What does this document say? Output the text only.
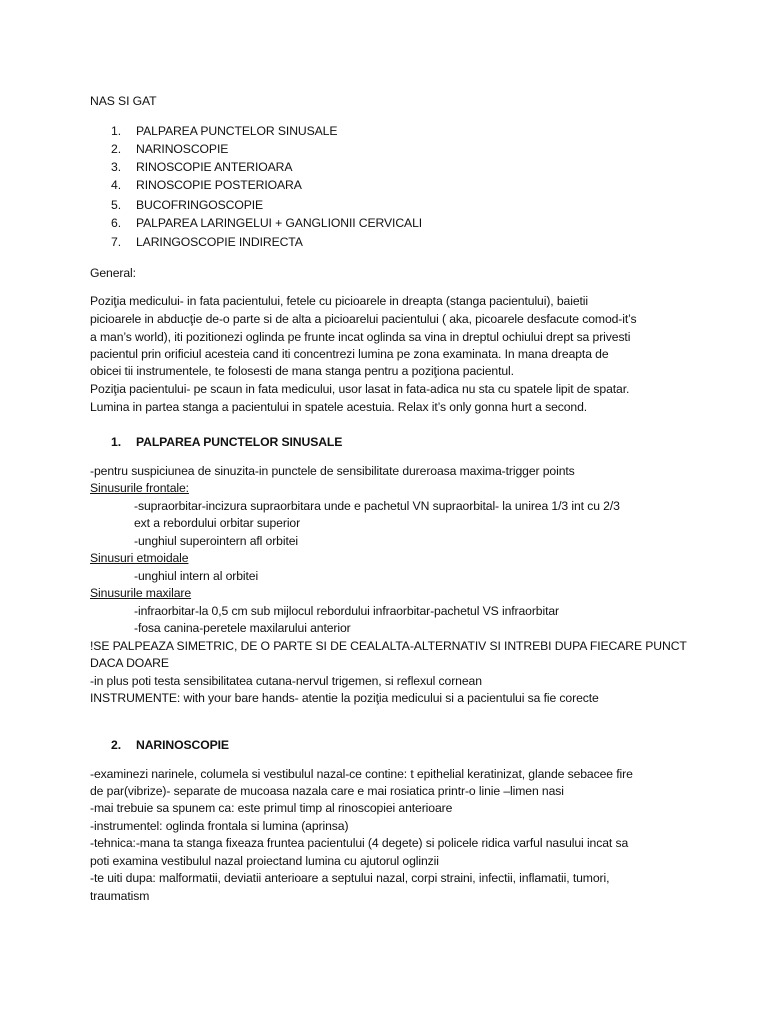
NAS SI GAT
1. PALPAREA PUNCTELOR SINUSALE
2. NARINOSCOPIE
3. RINOSCOPIE ANTERIOARA
4. RINOSCOPIE POSTERIOARA
5. BUCOFRINGOSCOPIE
6. PALPAREA LARINGELUI + GANGLIONII CERVICALI
7. LARINGOSCOPIE INDIRECTA
General:
Poziţia medicului- in fata pacientului, fetele cu picioarele in dreapta (stanga pacientului), baietii
picioarele in abducţie de-o parte si de alta a picioarelui pacientului ( aka, picoarele desfacute comod-it’s
a man’s world), iti pozitionezi oglinda pe frunte incat oglinda sa vina in dreptul ochiului drept sa privesti
pacientul prin orificiul acesteia cand iti concentrezi lumina pe zona examinata. In mana dreapta de
obicei tii instrumentele, te folosesti de mana stanga pentru a poziţiona pacientul.
Poziţia pacientului- pe scaun in fata medicului, usor lasat in fata-adica nu sta cu spatele lipit de spatar.
Lumina in partea stanga a pacientului in spatele acestuia. Relax it’s only gonna hurt a second.
1. PALPAREA PUNCTELOR SINUSALE
-pentru suspiciunea de sinuzita-in punctele de sensibilitate dureroasa maxima-trigger points
Sinusurile frontale:
-supraorbitar-incizura supraorbitara unde e pachetul VN supraorbital- la unirea 1/3 int cu 2/3
ext a rebordului orbitar superior
-unghiul superointern afl orbitei
Sinusuri etmoidale
-unghiul intern al orbitei
Sinusurile maxilare
-infraorbitar-la 0,5 cm sub mijlocul rebordului infraorbitar-pachetul VS infraorbitar
-fosa canina-peretele maxilarului anterior
!SE PALPEAZA SIMETRIC, DE O PARTE SI DE CEALALTA-ALTERNATIV SI INTREBI DUPA FIECARE PUNCT
DACA DOARE
-in plus poti testa sensibilitatea cutana-nervul trigemen, si reflexul cornean
INSTRUMENTE: with your bare hands- atentie la poziţia medicului si a pacientului sa fie corecte
2. NARINOSCOPIE
-examinezi narinele, columela si vestibulul nazal-ce contine: t epithelial keratinizat, glande sebacee fire
de par(vibrize)- separate de mucoasa nazala care e mai rosiatica printr-o linie –limen nasi
-mai trebuie sa spunem ca: este primul timp al rinoscopiei anterioare
-instrumentel: oglinda frontala si lumina (aprinsa)
-tehnica:-mana ta stanga fixeaza fruntea pacientului (4 degete) si policele ridica varful nasului incat sa
poti examina vestibulul nazal proiectand lumina cu ajutorul oglinzii
-te uiti dupa: malformatii, deviatii anterioare a septului nazal, corpi straini, infectii, inflamatii, tumori,
traumatism
